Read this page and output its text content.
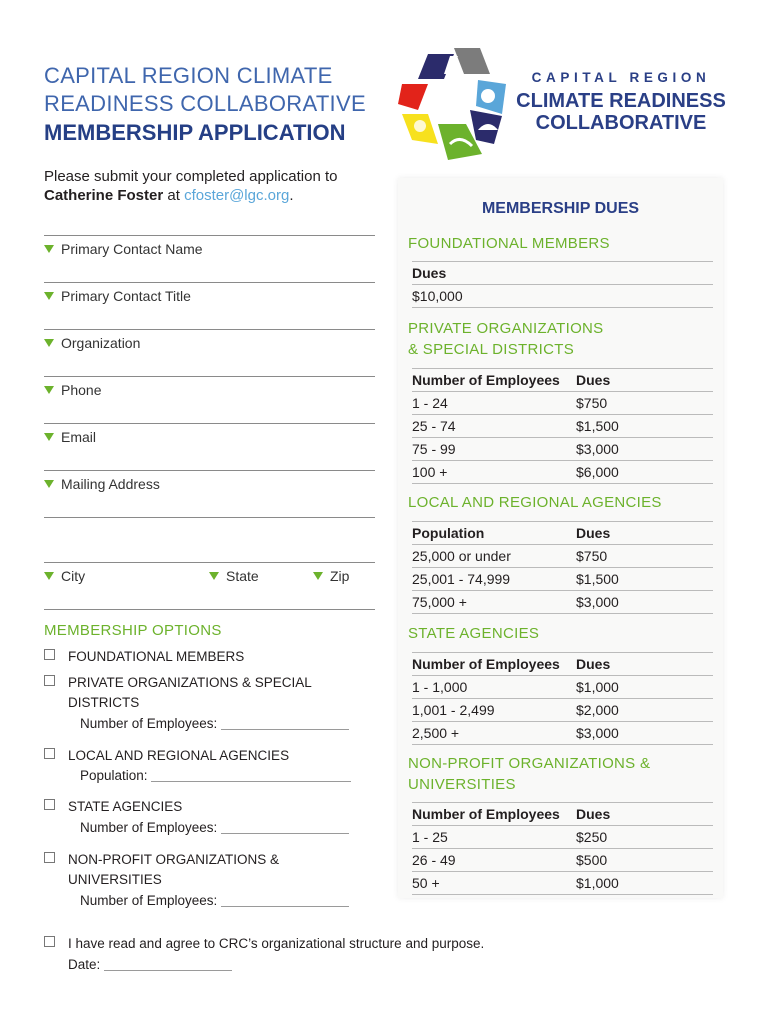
CAPITAL REGION CLIMATE
READINESS COLLABORATIVE
MEMBERSHIP APPLICATION
Please submit your completed application to Catherine Foster at cfoster@lgc.org.
CAPITAL REGION
CLIMATE READINESS
COLLABORATIVE
Primary Contact Name
Primary Contact Title
Organization
Phone
Email
Mailing Address
City	State	Zip
MEMBERSHIP OPTIONS
FOUNDATIONAL MEMBERS
PRIVATE ORGANIZATIONS & SPECIAL
DISTRICTS
Number of Employees:
LOCAL AND REGIONAL AGENCIES
Population:
STATE AGENCIES
Number of Employees:
NON-PROFIT ORGANIZATIONS &
UNIVERSITIES
Number of Employees:
I have read and agree to CRC’s organizational structure and purpose.
Date:
MEMBERSHIP DUES
FOUNDATIONAL MEMBERS
Dues
$10,000
PRIVATE ORGANIZATIONS
& SPECIAL DISTRICTS
Number of Employees Dues
1 - 24	$750
25 - 74	$1,500
75 - 99	$3,000
100 +	$6,000
LOCAL AND REGIONAL AGENCIES
Population	Dues
25,000 or under	$750
25,001 - 74,999	$1,500
75,000 +	$3,000
STATE AGENCIES
Number of Employees Dues
1 - 1,000	$1,000
1,001 - 2,499	$2,000
2,500 +	$3,000
NON-PROFIT ORGANIZATIONS &
UNIVERSITIES
Number of Employees Dues
1 - 25	$250
26 - 49	$500
50 +	$1,000
